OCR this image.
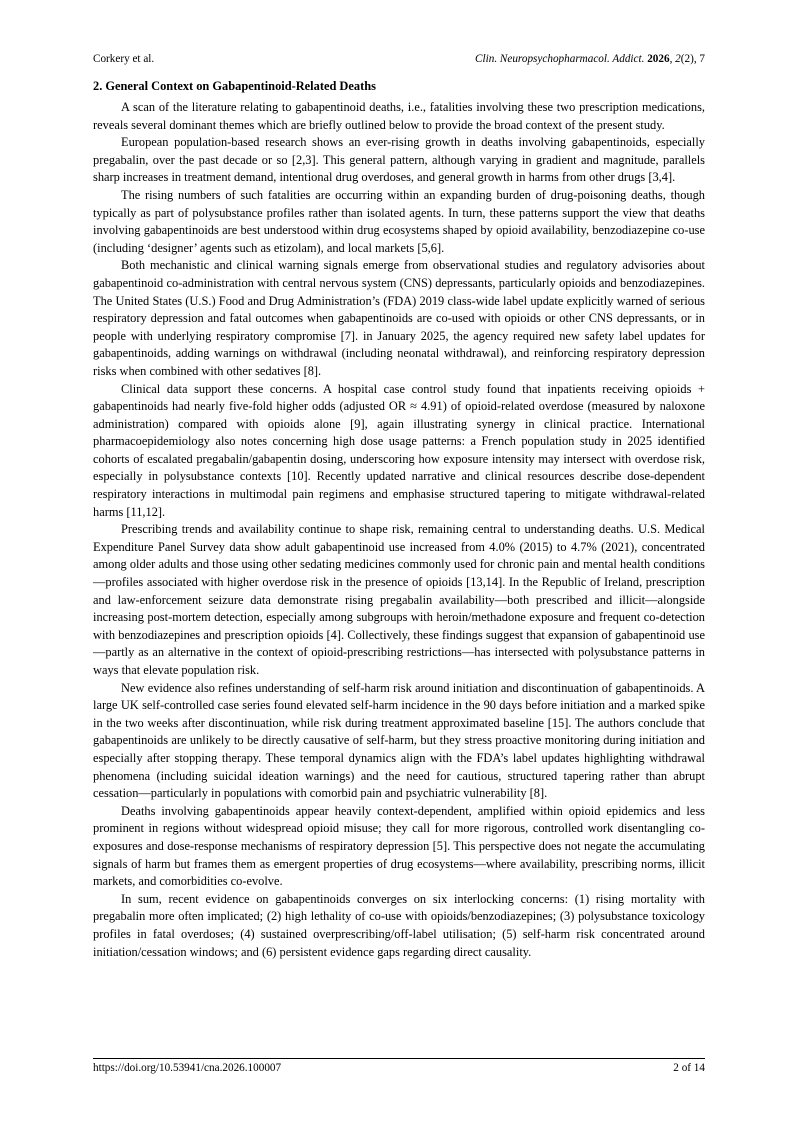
Corkery et al.	Clin. Neuropsychopharmacol. Addict. 2026, 2(2), 7
2. General Context on Gabapentinoid-Related Deaths

A scan of the literature relating to gabapentinoid deaths, i.e., fatalities involving these two prescription medications, reveals several dominant themes which are briefly outlined below to provide the broad context of the present study.

European population-based research shows an ever-rising growth in deaths involving gabapentinoids, especially pregabalin, over the past decade or so [2,3]. This general pattern, although varying in gradient and magnitude, parallels sharp increases in treatment demand, intentional drug overdoses, and general growth in harms from other drugs [3,4].

The rising numbers of such fatalities are occurring within an expanding burden of drug-poisoning deaths, though typically as part of polysubstance profiles rather than isolated agents. In turn, these patterns support the view that deaths involving gabapentinoids are best understood within drug ecosystems shaped by opioid availability, benzodiazepine co-use (including ‘designer’ agents such as etizolam), and local markets [5,6].

Both mechanistic and clinical warning signals emerge from observational studies and regulatory advisories about gabapentinoid co-administration with central nervous system (CNS) depressants, particularly opioids and benzodiazepines. The United States (U.S.) Food and Drug Administration’s (FDA) 2019 class-wide label update explicitly warned of serious respiratory depression and fatal outcomes when gabapentinoids are co-used with opioids or other CNS depressants, or in people with underlying respiratory compromise [7]. in January 2025, the agency required new safety label updates for gabapentinoids, adding warnings on withdrawal (including neonatal withdrawal), and reinforcing respiratory depression risks when combined with other sedatives [8].

Clinical data support these concerns. A hospital case control study found that inpatients receiving opioids + gabapentinoids had nearly five-fold higher odds (adjusted OR ≈ 4.91) of opioid-related overdose (measured by naloxone administration) compared with opioids alone [9], again illustrating synergy in clinical practice. International pharmacoepidemiology also notes concerning high dose usage patterns: a French population study in 2025 identified cohorts of escalated pregabalin/gabapentin dosing, underscoring how exposure intensity may intersect with overdose risk, especially in polysubstance contexts [10]. Recently updated narrative and clinical resources describe dose-dependent respiratory interactions in multimodal pain regimens and emphasise structured tapering to mitigate withdrawal-related harms [11,12].

Prescribing trends and availability continue to shape risk, remaining central to understanding deaths. U.S. Medical Expenditure Panel Survey data show adult gabapentinoid use increased from 4.0% (2015) to 4.7% (2021), concentrated among older adults and those using other sedating medicines commonly used for chronic pain and mental health conditions—profiles associated with higher overdose risk in the presence of opioids [13,14]. In the Republic of Ireland, prescription and law-enforcement seizure data demonstrate rising pregabalin availability—both prescribed and illicit—alongside increasing post-mortem detection, especially among subgroups with heroin/methadone exposure and frequent co-detection with benzodiazepines and prescription opioids [4]. Collectively, these findings suggest that expansion of gabapentinoid use—partly as an alternative in the context of opioid-prescribing restrictions—has intersected with polysubstance patterns in ways that elevate population risk.

New evidence also refines understanding of self-harm risk around initiation and discontinuation of gabapentinoids. A large UK self-controlled case series found elevated self-harm incidence in the 90 days before initiation and a marked spike in the two weeks after discontinuation, while risk during treatment approximated baseline [15]. The authors conclude that gabapentinoids are unlikely to be directly causative of self-harm, but they stress proactive monitoring during initiation and especially after stopping therapy. These temporal dynamics align with the FDA’s label updates highlighting withdrawal phenomena (including suicidal ideation warnings) and the need for cautious, structured tapering rather than abrupt cessation—particularly in populations with comorbid pain and psychiatric vulnerability [8].

Deaths involving gabapentinoids appear heavily context-dependent, amplified within opioid epidemics and less prominent in regions without widespread opioid misuse; they call for more rigorous, controlled work disentangling co-exposures and dose-response mechanisms of respiratory depression [5]. This perspective does not negate the accumulating signals of harm but frames them as emergent properties of drug ecosystems—where availability, prescribing norms, illicit markets, and comorbidities co-evolve.

In sum, recent evidence on gabapentinoids converges on six interlocking concerns: (1) rising mortality with pregabalin more often implicated; (2) high lethality of co-use with opioids/benzodiazepines; (3) polysubstance toxicology profiles in fatal overdoses; (4) sustained overprescribing/off-label utilisation; (5) self-harm risk concentrated around initiation/cessation windows; and (6) persistent evidence gaps regarding direct causality.

https://doi.org/10.53941/cna.2026.100007	2 of 14
